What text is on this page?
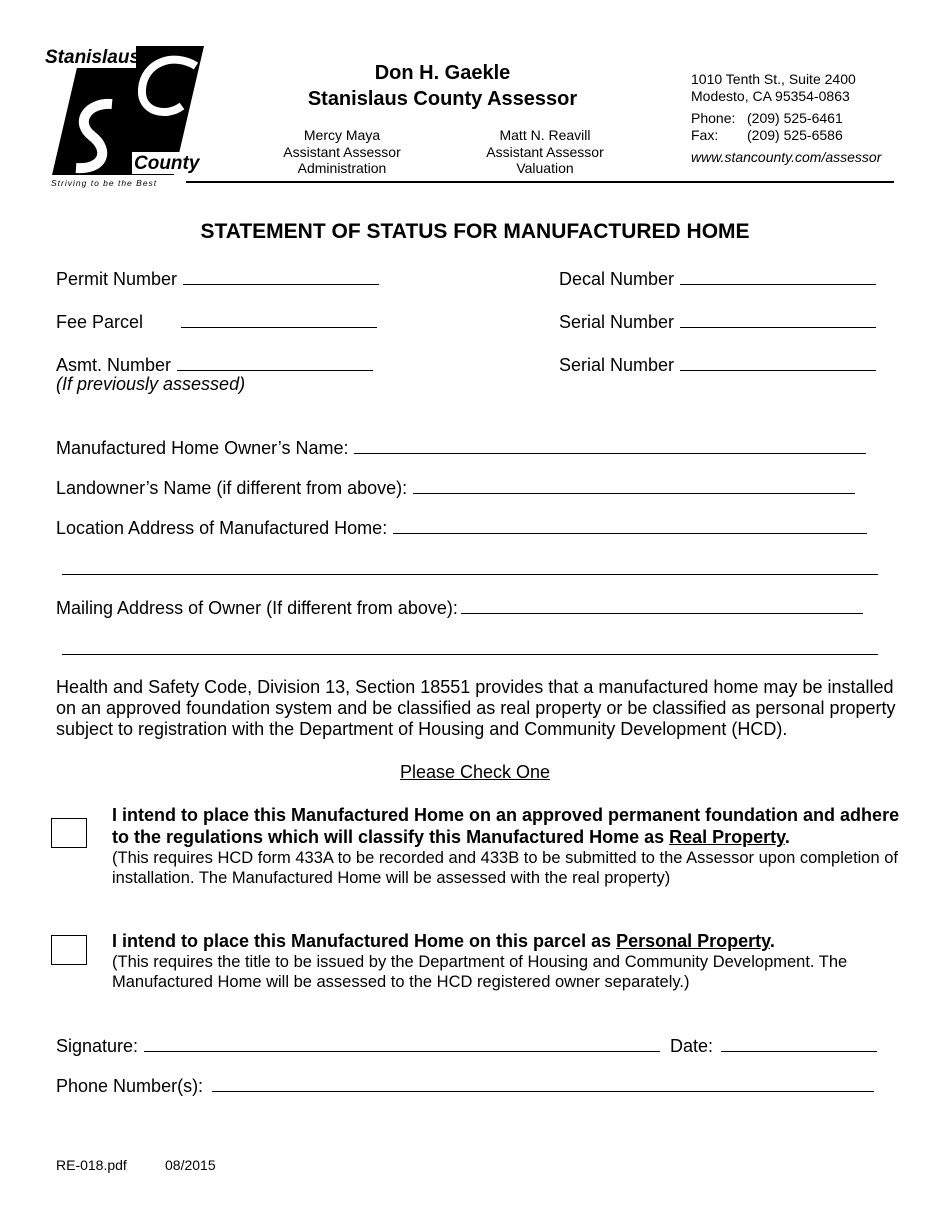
Stanislaus
County
Striving to be the Best
Don H. Gaekle
Stanislaus County Assessor
Mercy Maya
Assistant Assessor
Administration
Matt N. Reavill
Assistant Assessor
Valuation
1010 Tenth St., Suite 2400
Modesto, CA 95354-0863
Phone: (209) 525-6461
Fax: (209) 525-6586
www.stancounty.com/assessor
STATEMENT OF STATUS FOR MANUFACTURED HOME
Permit Number
Fee Parcel
Asmt. Number
(If previously assessed)
Decal Number
Serial Number
Serial Number
Manufactured Home Owner’s Name:
Landowner’s Name (if different from above):
Location Address of Manufactured Home:
Mailing Address of Owner (If different from above):
Health and Safety Code, Division 13, Section 18551 provides that a manufactured home may be installed on an approved foundation system and be classified as real property or be classified as personal property subject to registration with the Department of Housing and Community Development (HCD).
Please Check One
I intend to place this Manufactured Home on an approved permanent foundation and adhere to the regulations which will classify this Manufactured Home as Real Property.
(This requires HCD form 433A to be recorded and 433B to be submitted to the Assessor upon completion of installation. The Manufactured Home will be assessed with the real property)
I intend to place this Manufactured Home on this parcel as Personal Property.
(This requires the title to be issued by the Department of Housing and Community Development. The Manufactured Home will be assessed to the HCD registered owner separately.)
Signature:	Date:
Phone Number(s):
RE-018.pdf	08/2015
